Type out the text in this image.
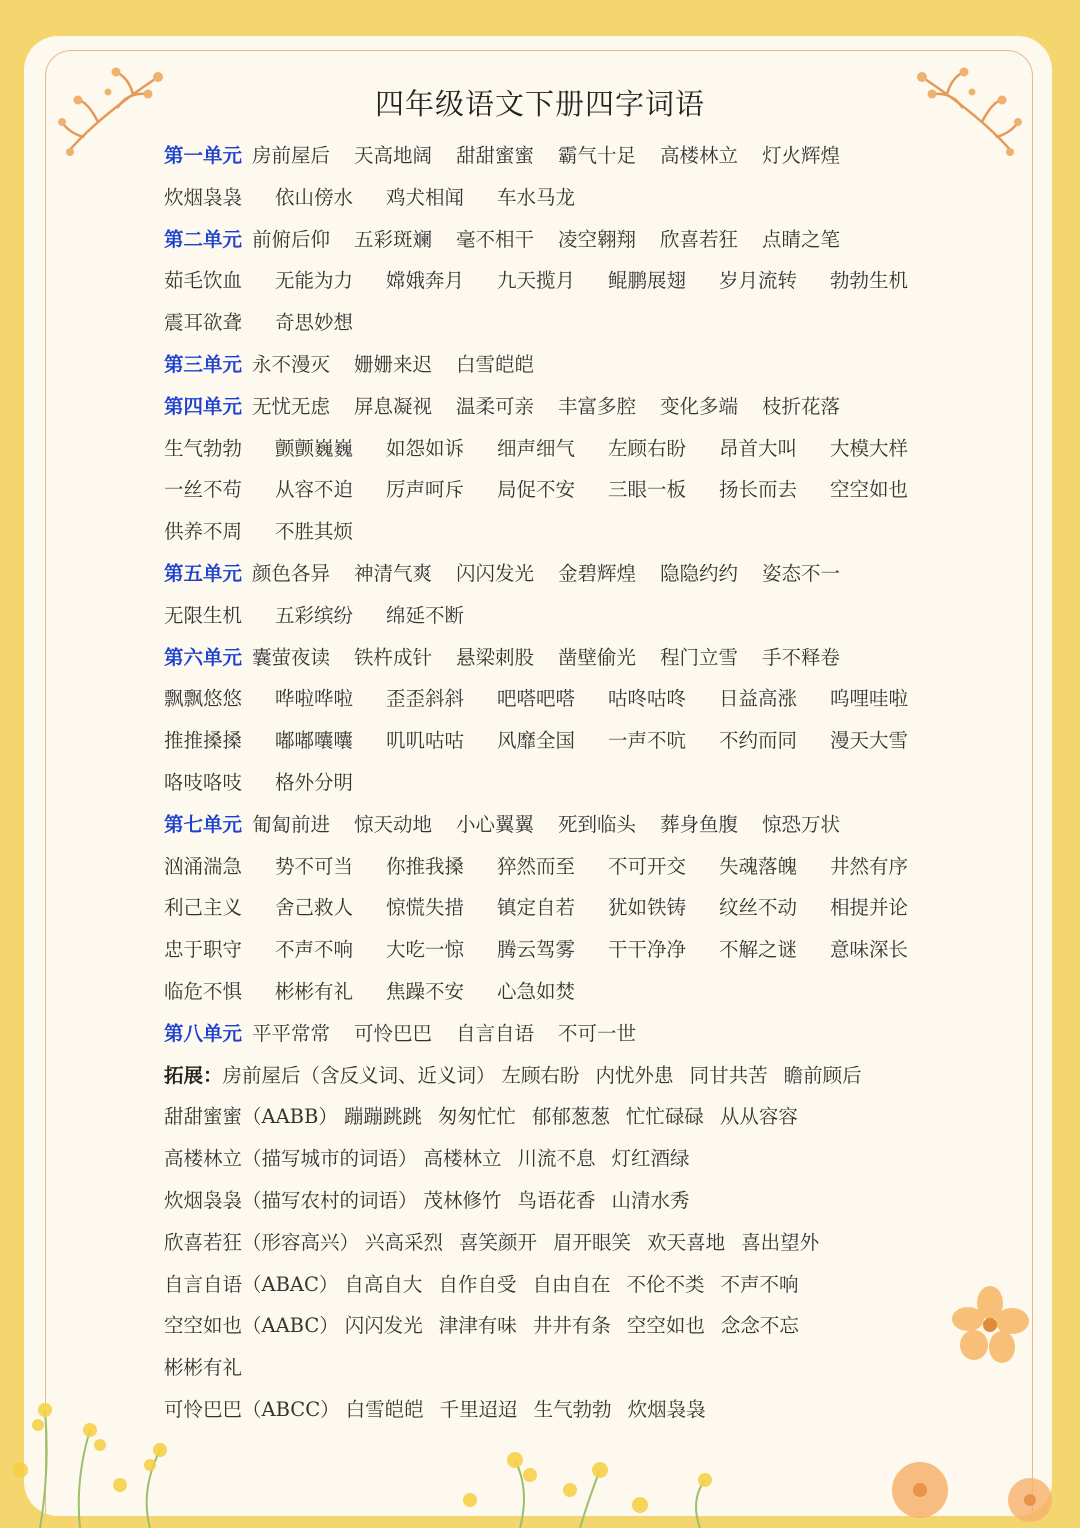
四年级语文下册四字词语
第一单元 房前屋后 天高地阔 甜甜蜜蜜 霸气十足 高楼林立 灯火辉煌
炊烟袅袅 依山傍水 鸡犬相闻 车水马龙
第二单元 前俯后仰 五彩斑斓 毫不相干 凌空翱翔 欣喜若狂 点睛之笔
茹毛饮血 无能为力 嫦娥奔月 九天揽月 鲲鹏展翅 岁月流转 勃勃生机
震耳欲聋 奇思妙想
第三单元 永不漫灭 姗姗来迟 白雪皑皑
第四单元 无忧无虑 屏息凝视 温柔可亲 丰富多腔 变化多端 枝折花落
生气勃勃 颤颤巍巍 如怨如诉 细声细气 左顾右盼 昂首大叫 大模大样
一丝不苟 从容不迫 厉声呵斥 局促不安 三眼一板 扬长而去 空空如也
供养不周 不胜其烦
第五单元 颜色各异 神清气爽 闪闪发光 金碧辉煌 隐隐约约 姿态不一
无限生机 五彩缤纷 绵延不断
第六单元 囊萤夜读 铁杵成针 悬梁刺股 凿壁偷光 程门立雪 手不释卷
飘飘悠悠 哗啦哗啦 歪歪斜斜 吧嗒吧嗒 咕咚咕咚 日益高涨 呜哩哇啦
推推搡搡 嘟嘟囔囔 叽叽咕咕 风靡全国 一声不吭 不约而同 漫天大雪
咯吱咯吱 格外分明
第七单元 匍匐前进 惊天动地 小心翼翼 死到临头 葬身鱼腹 惊恐万状
汹涌湍急 势不可当 你推我搡 猝然而至 不可开交 失魂落魄 井然有序
利己主义 舍己救人 惊慌失措 镇定自若 犹如铁铸 纹丝不动 相提并论
忠于职守 不声不响 大吃一惊 腾云驾雾 干干净净 不解之谜 意味深长
临危不惧 彬彬有礼 焦躁不安 心急如焚
第八单元 平平常常 可怜巴巴 自言自语 不可一世
拓展：房前屋后（含反义词、近义词） 左顾右盼 内忧外患 同甘共苦 瞻前顾后
甜甜蜜蜜（AABB） 蹦蹦跳跳 匆匆忙忙 郁郁葱葱 忙忙碌碌 从从容容
高楼林立（描写城市的词语） 高楼林立 川流不息 灯红酒绿
炊烟袅袅（描写农村的词语） 茂林修竹 鸟语花香 山清水秀
欣喜若狂（形容高兴） 兴高采烈 喜笑颜开 眉开眼笑 欢天喜地 喜出望外
自言自语（ABAC） 自高自大 自作自受 自由自在 不伦不类 不声不响
空空如也（AABC） 闪闪发光 津津有味 井井有条 空空如也 念念不忘
彬彬有礼
可怜巴巴（ABCC） 白雪皑皑 千里迢迢 生气勃勃 炊烟袅袅
